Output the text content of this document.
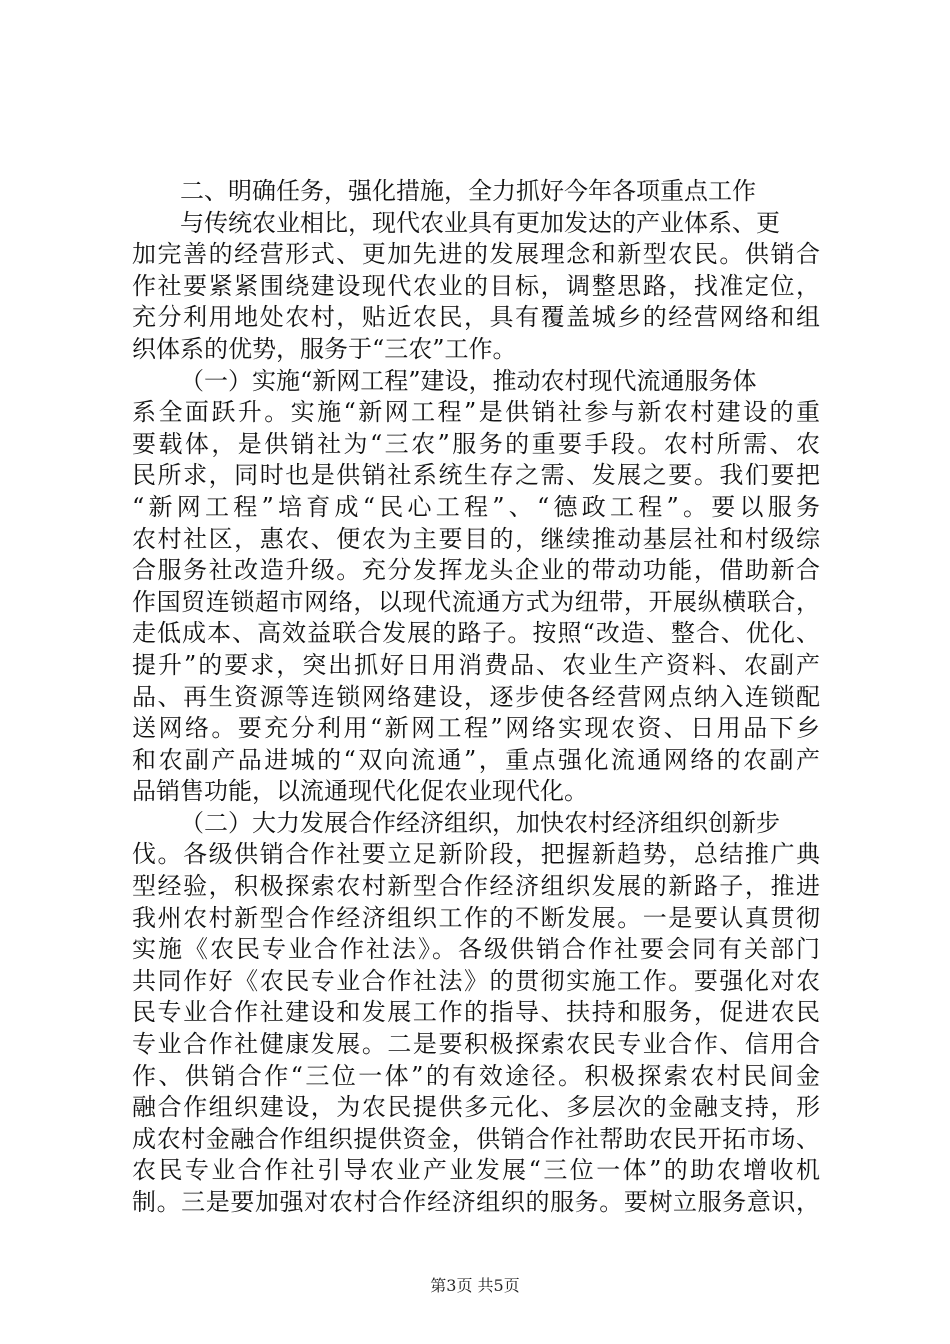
二、明确任务，强化措施，全力抓好今年各项重点工作
与传统农业相比，现代农业具有更加发达的产业体系、更
加完善的经营形式、更加先进的发展理念和新型农民。供销合
作社要紧紧围绕建设现代农业的目标，调整思路，找准定位，
充分利用地处农村，贴近农民，具有覆盖城乡的经营网络和组
织体系的优势，服务于“三农”工作。
（一）实施“新网工程”建设，推动农村现代流通服务体
系全面跃升。实施“新网工程”是供销社参与新农村建设的重
要载体，是供销社为“三农”服务的重要手段。农村所需、农
民所求，同时也是供销社系统生存之需、发展之要。我们要把
“新网工程”培育成“民心工程”、“德政工程”。要以服务
农村社区，惠农、便农为主要目的，继续推动基层社和村级综
合服务社改造升级。充分发挥龙头企业的带动功能，借助新合
作国贸连锁超市网络，以现代流通方式为纽带，开展纵横联合，
走低成本、高效益联合发展的路子。按照“改造、整合、优化、
提升”的要求，突出抓好日用消费品、农业生产资料、农副产
品、再生资源等连锁网络建设，逐步使各经营网点纳入连锁配
送网络。要充分利用“新网工程”网络实现农资、日用品下乡
和农副产品进城的“双向流通”，重点强化流通网络的农副产
品销售功能，以流通现代化促农业现代化。
（二）大力发展合作经济组织，加快农村经济组织创新步
伐。各级供销合作社要立足新阶段，把握新趋势，总结推广典
型经验，积极探索农村新型合作经济组织发展的新路子，推进
我州农村新型合作经济组织工作的不断发展。一是要认真贯彻
实施《农民专业合作社法》。各级供销合作社要会同有关部门
共同作好《农民专业合作社法》的贯彻实施工作。要强化对农
民专业合作社建设和发展工作的指导、扶持和服务，促进农民
专业合作社健康发展。二是要积极探索农民专业合作、信用合
作、供销合作“三位一体”的有效途径。积极探索农村民间金
融合作组织建设，为农民提供多元化、多层次的金融支持，形
成农村金融合作组织提供资金，供销合作社帮助农民开拓市场、
农民专业合作社引导农业产业发展“三位一体”的助农增收机
制。三是要加强对农村合作经济组织的服务。要树立服务意识，
第3页 共5页
